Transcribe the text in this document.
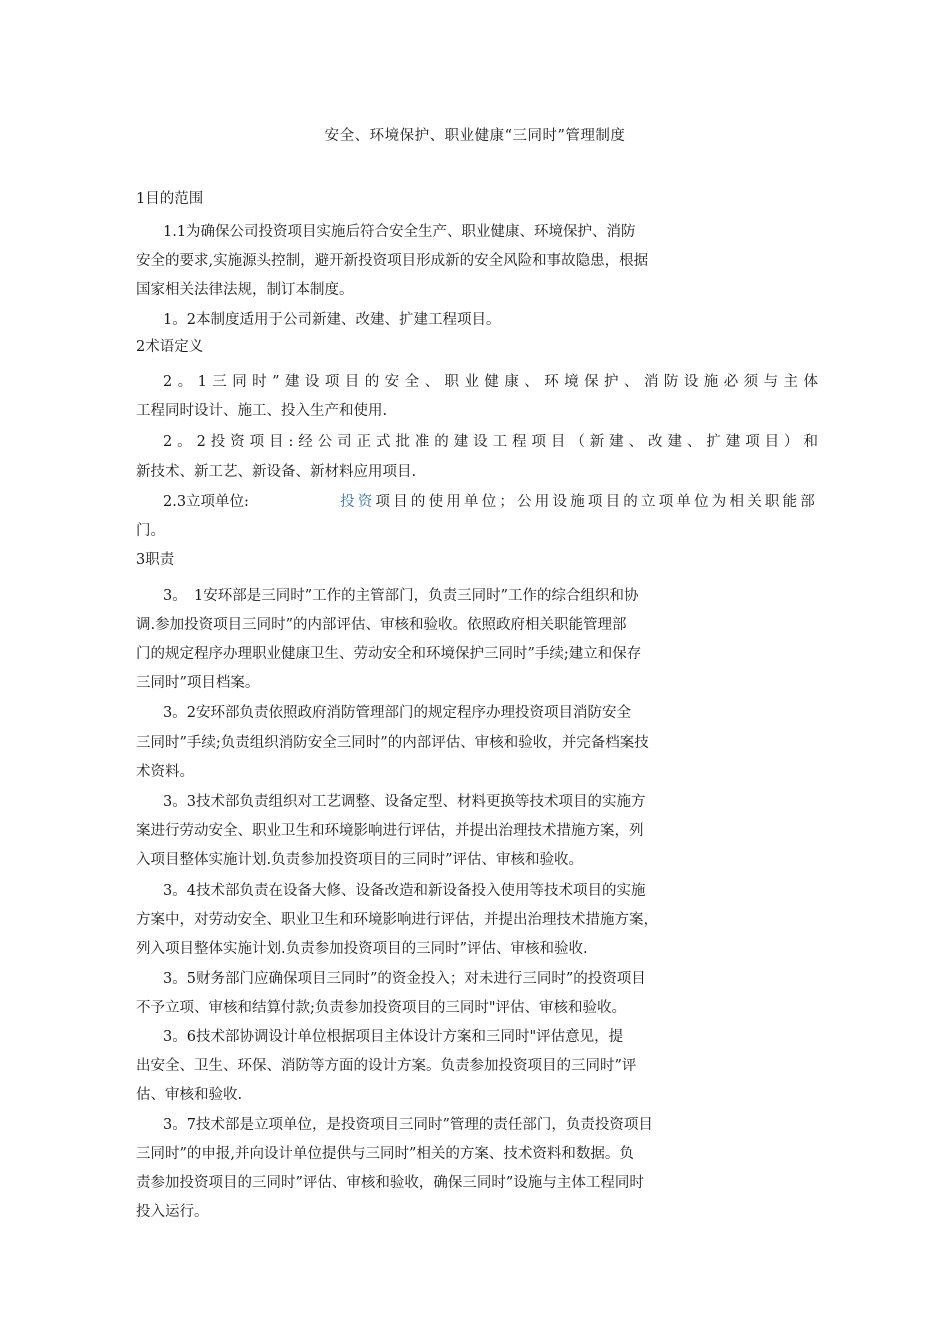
安全、环境保护、职业健康“三同时”管理制度
1目的范围
1.1为确保公司投资项目实施后符合安全生产、职业健康、环境保护、消防
安全的要求,实施源头控制，避开新投资项目形成新的安全风险和事故隐患，根据
国家相关法律法规，制订本制度。
1。2本制度适用于公司新建、改建、扩建工程项目。
2术语定义
2。1三同时”建设项目的安全、职业健康、环境保护、消防设施必须与主体
工程同时设计、施工、投入生产和使用.
2。2投资项目:经公司正式批准的建设工程项目（新建、改建、扩建项目）和
新技术、新工艺、新设备、新材料应用项目.
2.3立项单位:	投资项目的使用单位；公用设施项目的立项单位为相关职能部
门。
3职责
3。　1安环部是三同时”工作的主管部门，负责三同时”工作的综合组织和协
调.参加投资项目三同时”的内部评估、审核和验收。依照政府相关职能管理部
门的规定程序办理职业健康卫生、劳动安全和环境保护三同时”手续;建立和保存
三同时”项目档案。
3。2安环部负责依照政府消防管理部门的规定程序办理投资项目消防安全
三同时”手续;负责组织消防安全三同时”的内部评估、审核和验收，并完备档案技
术资料。
3。3技术部负责组织对工艺调整、设备定型、材料更换等技术项目的实施方
案进行劳动安全、职业卫生和环境影响进行评估，并提出治理技术措施方案，列
入项目整体实施计划.负责参加投资项目的三同时”评估、审核和验收。
3。4技术部负责在设备大修、设备改造和新设备投入使用等技术项目的实施
方案中，对劳动安全、职业卫生和环境影响进行评估，并提出治理技术措施方案，
列入项目整体实施计划.负责参加投资项目的三同时”评估、审核和验收.
3。5财务部门应确保项目三同时”的资金投入；对未进行三同时”的投资项目
不予立项、审核和结算付款;负责参加投资项目的三同时"评估、审核和验收。
3。6技术部协调设计单位根据项目主体设计方案和三同时"评估意见，提
出安全、卫生、环保、消防等方面的设计方案。负责参加投资项目的三同时”评
估、审核和验收.
3。7技术部是立项单位，是投资项目三同时”管理的责任部门，负责投资项目
三同时”的申报,并向设计单位提供与三同时”相关的方案、技术资料和数据。负
责参加投资项目的三同时”评估、审核和验收，确保三同时”设施与主体工程同时
投入运行。
